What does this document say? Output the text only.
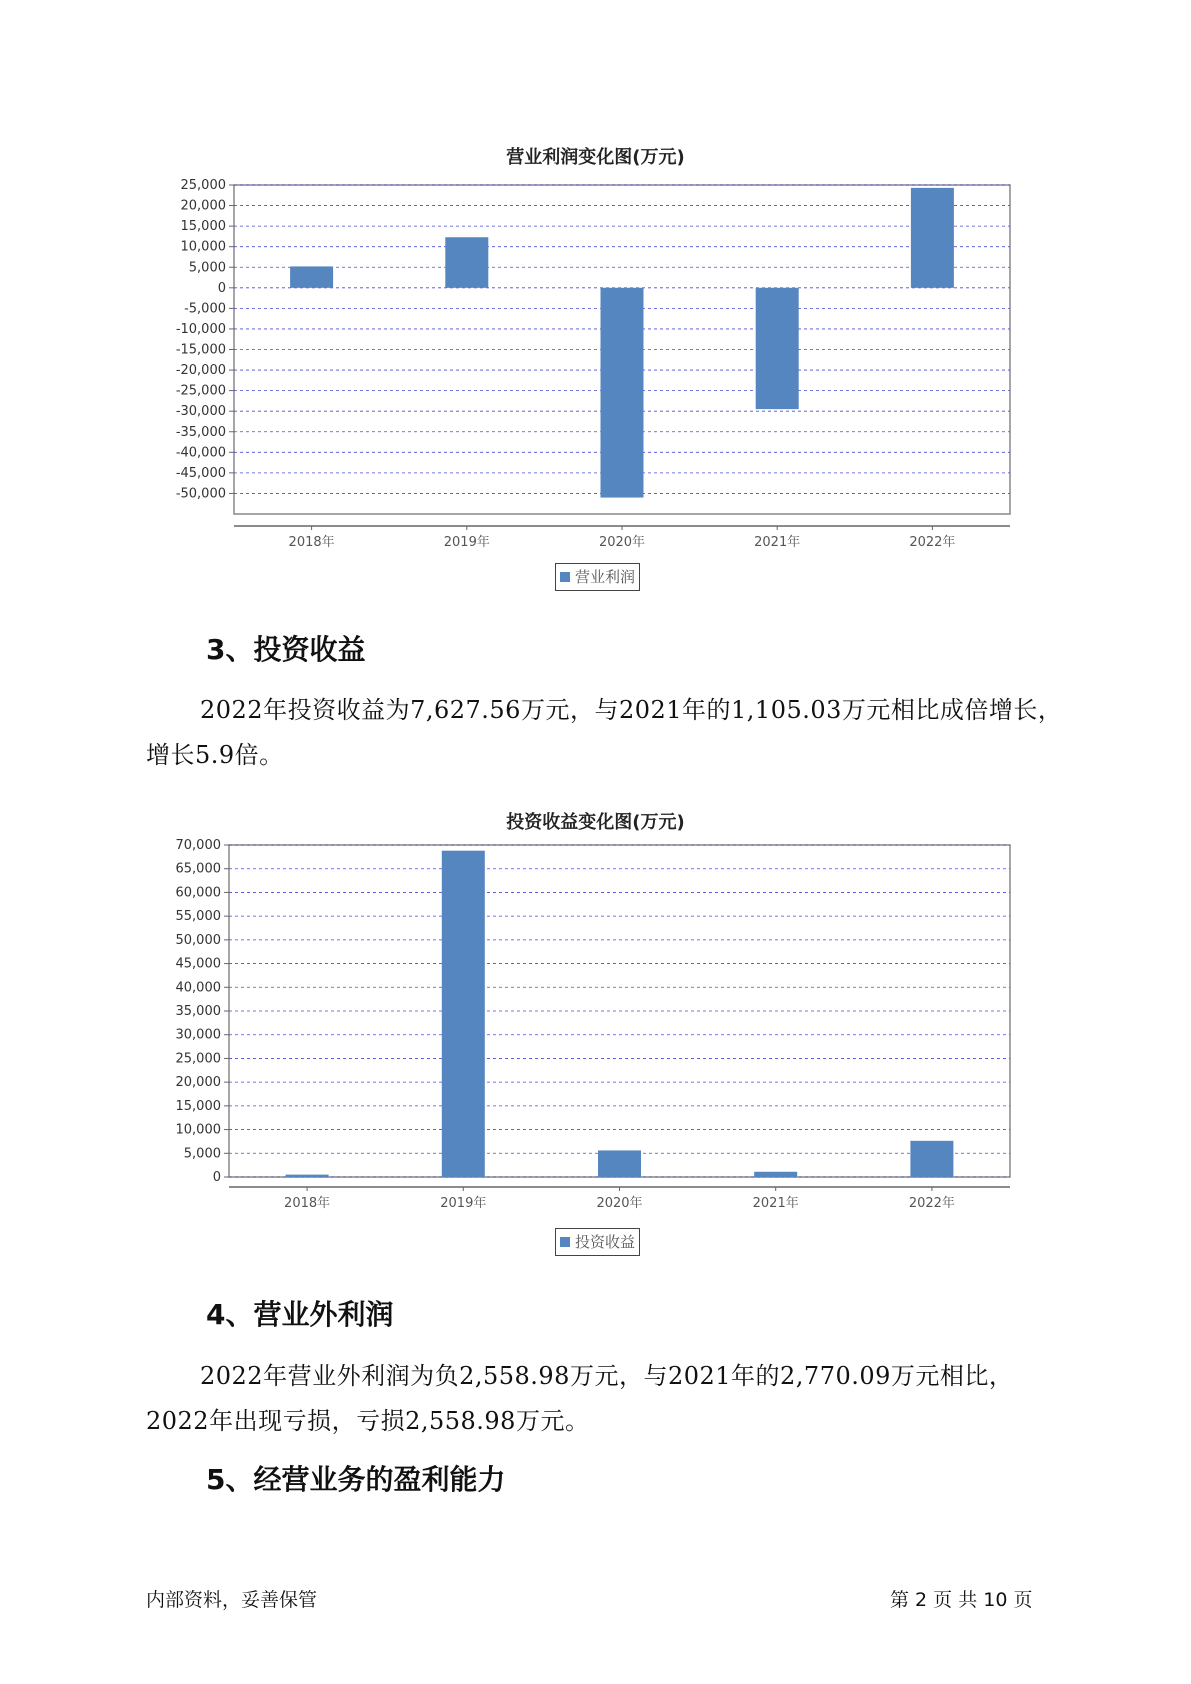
营业利润变化图(万元)
25,000
20,000
15,000
10,000
5,000
0
-5,000
-10,000
-15,000
-20,000
-25,000
-30,000
-35,000
-40,000
-45,000
-50,000
2018年	2019年	2020年	2021年	2022年
营业利润
3、投资收益
2022年投资收益为7,627.56万元，与2021年的1,105.03万元相比成倍增长，增长5.9倍。
投资收益变化图(万元)
70,000
65,000
60,000
55,000
50,000
45,000
40,000
35,000
30,000
25,000
20,000
15,000
10,000
5,000
0
2018年	2019年	2020年	2021年	2022年
投资收益
4、营业外利润
2022年营业外利润为负2,558.98万元，与2021年的2,770.09万元相比，2022年出现亏损，亏损2,558.98万元。
5、经营业务的盈利能力
内部资料，妥善保管	第 2 页 共 10 页
